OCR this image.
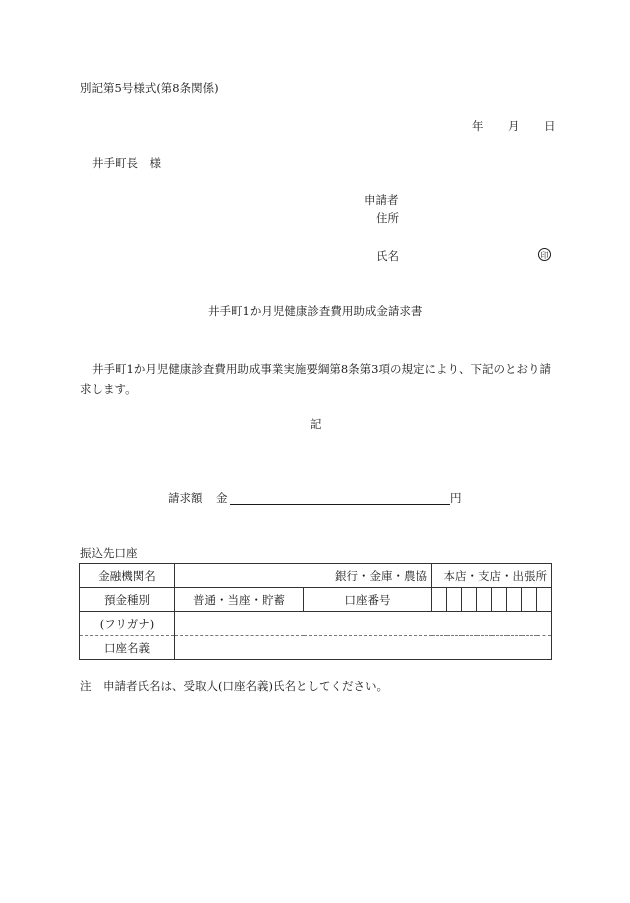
別記第5号様式(第8条関係)
年 月 日
井手町長　様
申請者
住所
氏名	印
井手町1か月児健康診査費用助成金請求書
井手町1か月児健康診査費用助成事業実施要綱第8条第3項の規定により、下記のとおり請求します。
記
請求額 金	円
振込先口座
金融機関名	銀行・金庫・農協		本店・支店・出張所							
預金種別	普通・当座・貯蓄	口座番号								
(フリガナ)										
口座名義										
注　申請者氏名は、受取人(口座名義)氏名としてください。
